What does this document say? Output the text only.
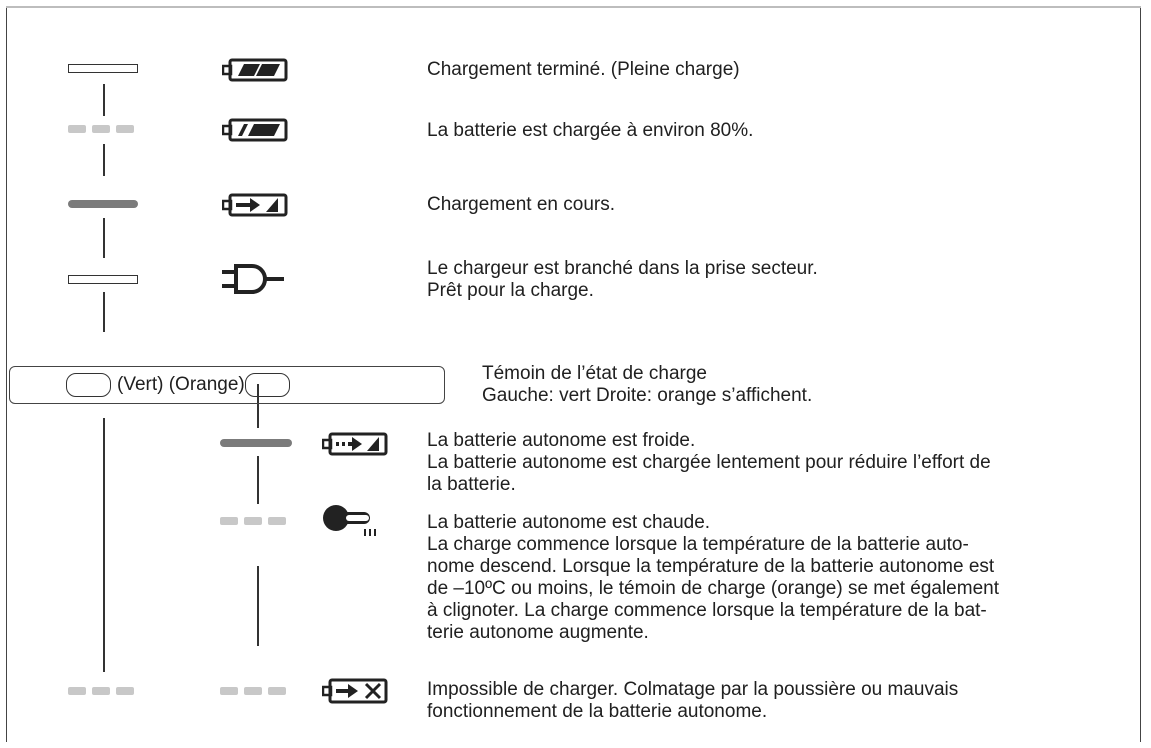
Chargement terminé. (Pleine charge)
La batterie est chargée à environ 80%.
Chargement en cours.
Le chargeur est branché dans la prise secteur.
Prêt pour la charge.
(Vert) (Orange)
Témoin de l’état de charge
Gauche: vert Droite: orange s’affichent.
La batterie autonome est froide.
La batterie autonome est chargée lentement pour réduire l’effort de
la batterie.
La batterie autonome est chaude.
La charge commence lorsque la température de la batterie auto-
nome descend. Lorsque la température de la batterie autonome est
de –10ºC ou moins, le témoin de charge (orange) se met également
à clignoter. La charge commence lorsque la température de la bat-
terie autonome augmente.
Impossible de charger. Colmatage par la poussière ou mauvais
fonctionnement de la batterie autonome.
